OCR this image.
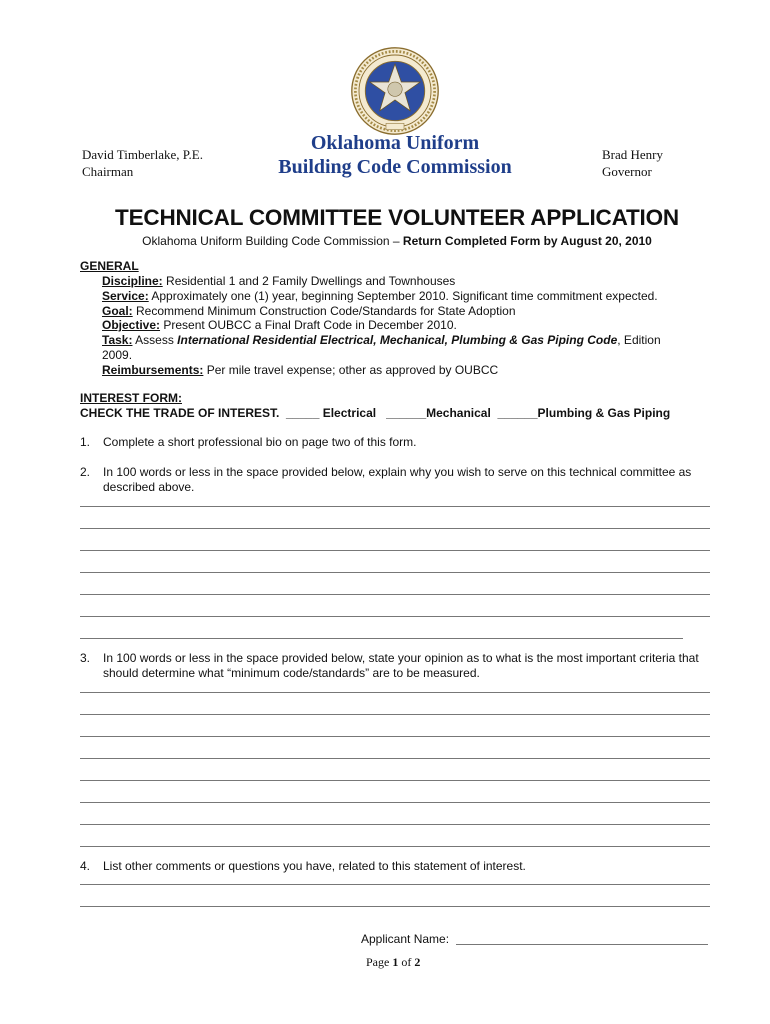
David Timberlake, P.E.
Chairman
Oklahoma Uniform
Building Code Commission
Brad Henry
Governor
TECHNICAL COMMITTEE VOLUNTEER APPLICATION
Oklahoma Uniform Building Code Commission – Return Completed Form by August 20, 2010
GENERAL
Discipline: Residential 1 and 2 Family Dwellings and Townhouses
Service: Approximately one (1) year, beginning September 2010. Significant time commitment expected.
Goal: Recommend Minimum Construction Code/Standards for State Adoption
Objective: Present OUBCC a Final Draft Code in December 2010.
Task: Assess International Residential Electrical, Mechanical, Plumbing & Gas Piping Code, Edition
2009.
Reimbursements: Per mile travel expense; other as approved by OUBCC
INTEREST FORM:
CHECK THE TRADE OF INTEREST.  _____ Electrical   ______Mechanical  ______Plumbing & Gas Piping
1. Complete a short professional bio on page two of this form.
2. In 100 words or less in the space provided below, explain why you wish to serve on this technical committee as described above.
3. In 100 words or less in the space provided below, state your opinion as to what is the most important criteria that should determine what “minimum code/standards” are to be measured.
4. List other comments or questions you have, related to this statement of interest.
Applicant Name:
Page 1 of 2
